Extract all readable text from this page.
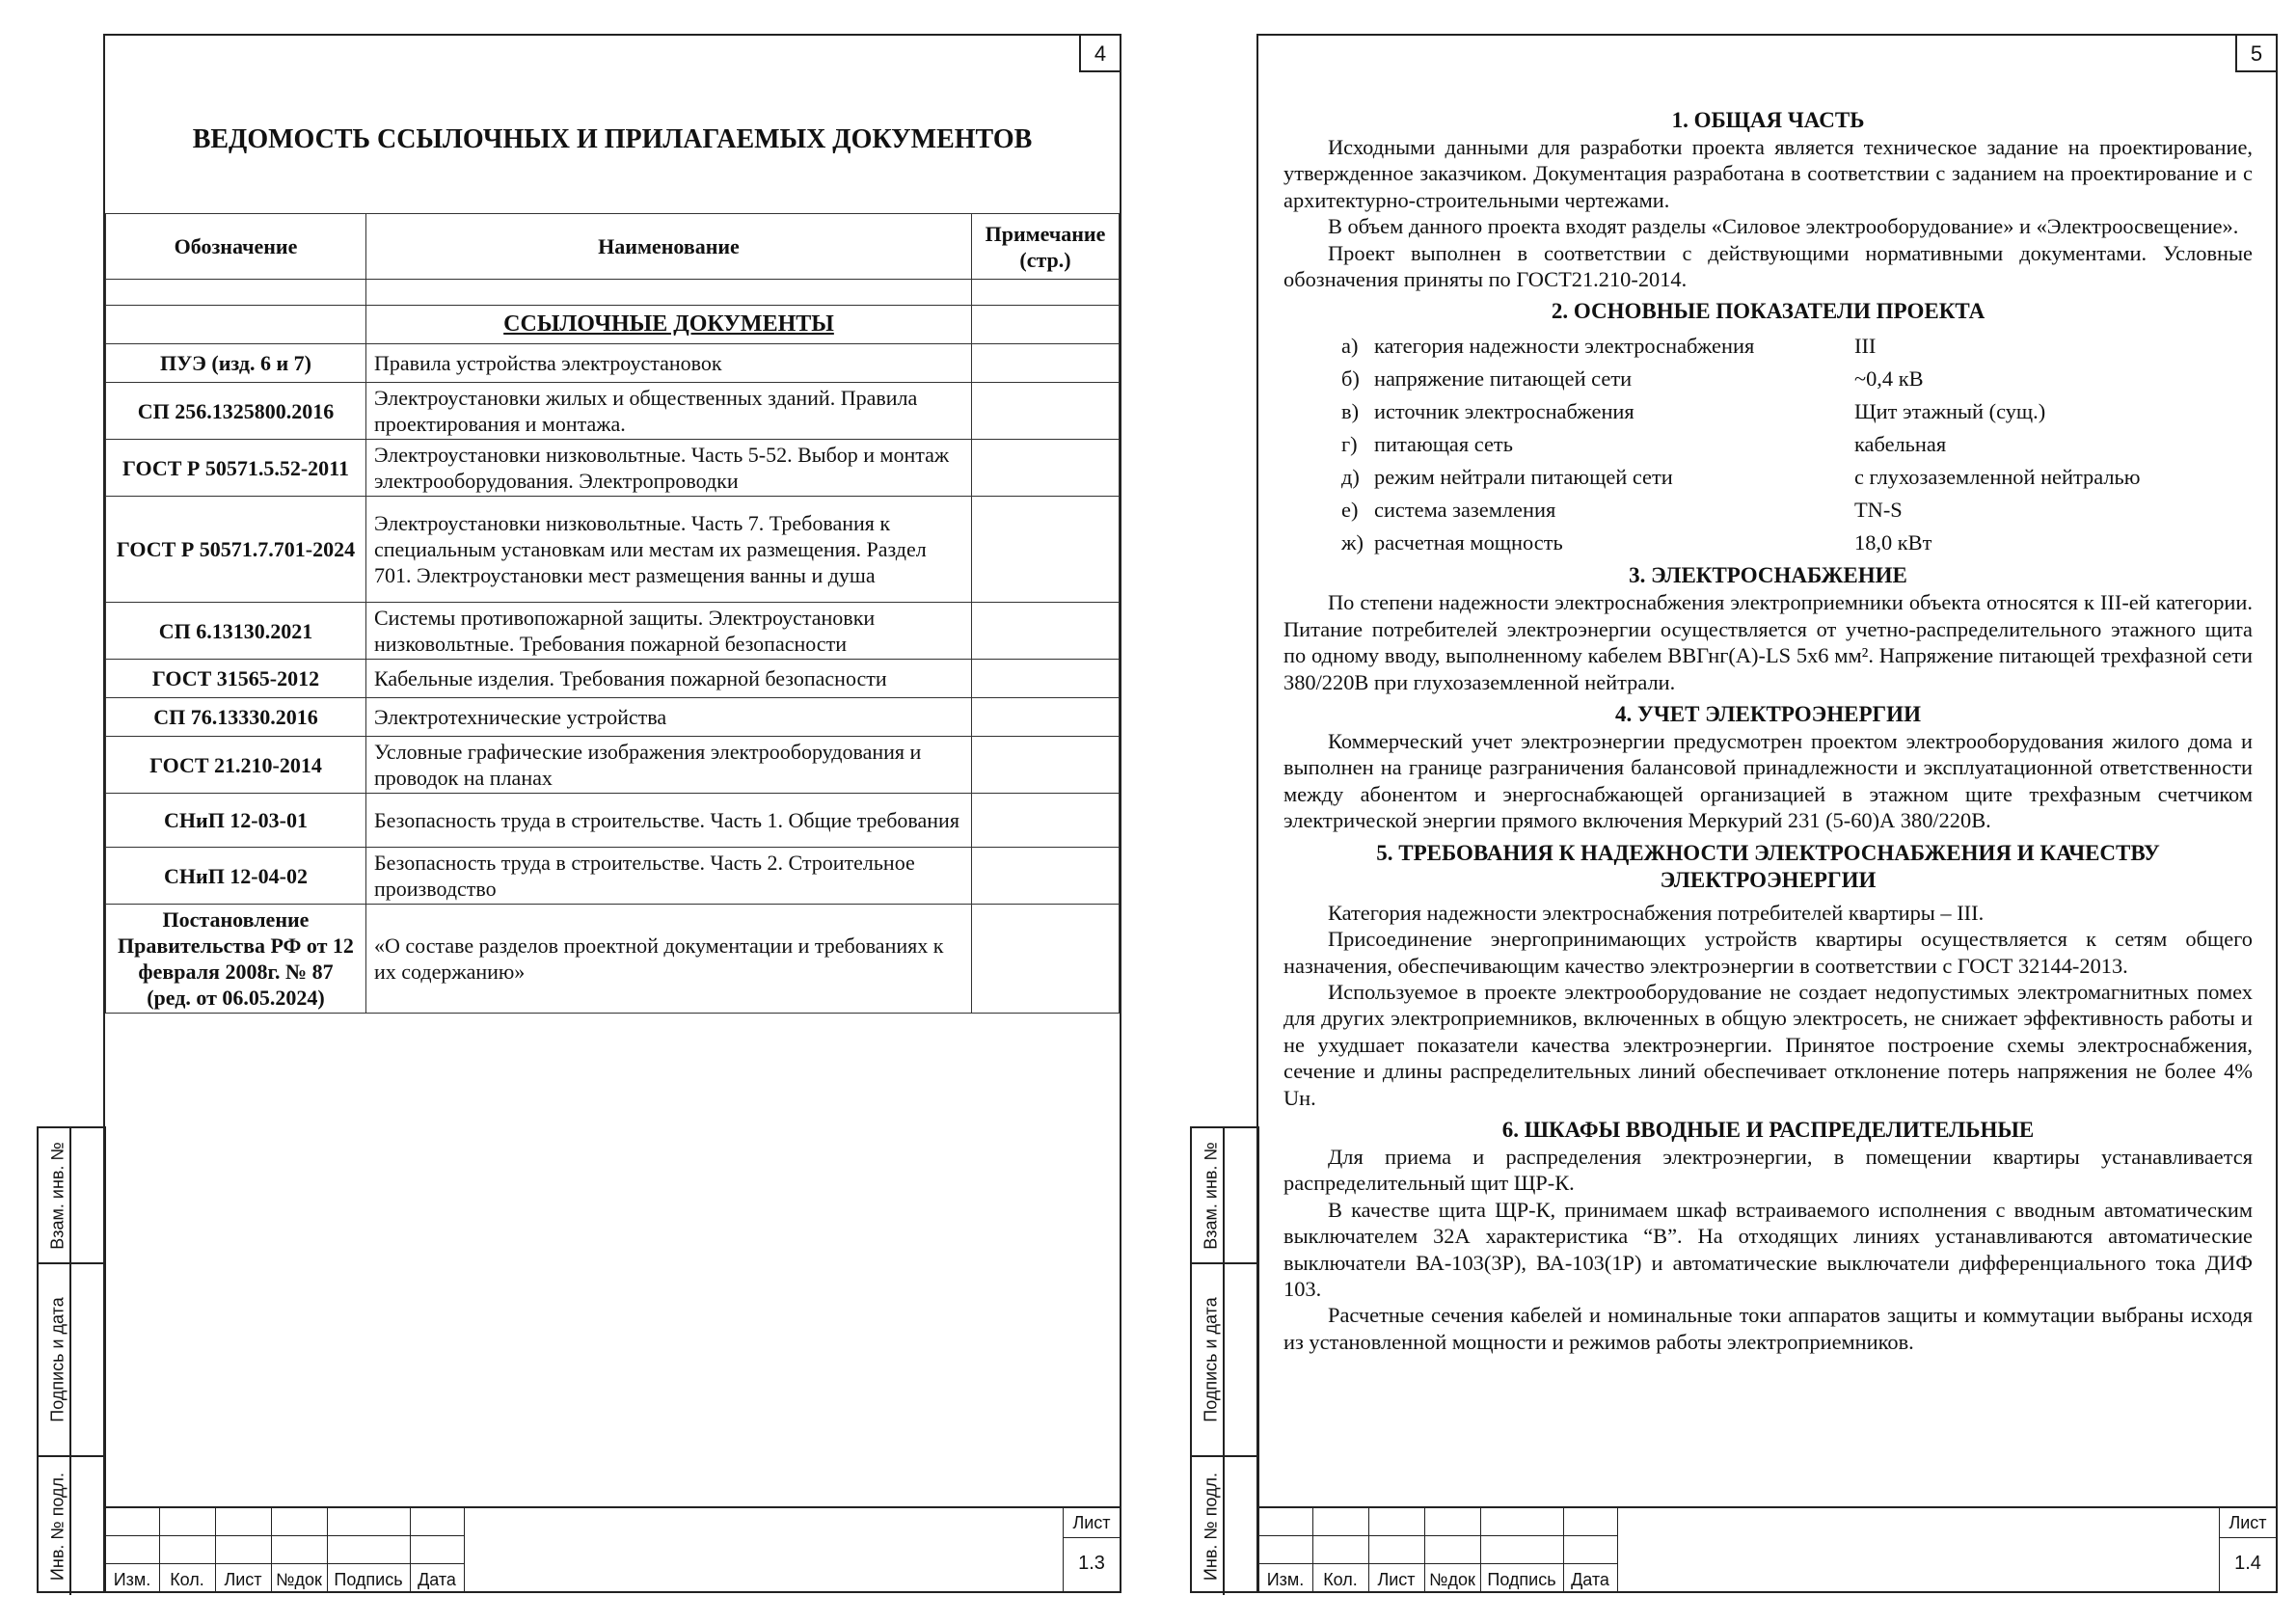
Взам. инв. №
Подпись и дата
Инв. № подл.
4
ВЕДОМОСТЬ ССЫЛОЧНЫХ И ПРИЛАГАЕМЫХ ДОКУМЕНТОВ
Обозначение	Наименование	Примечание (стр.)

	ССЫЛОЧНЫЕ ДОКУМЕНТЫ	
ПУЭ (изд. 6 и 7)	Правила устройства электроустановок	
СП 256.1325800.2016	Электроустановки жилых и общественных зданий. Правила проектирования и монтажа.	
ГОСТ Р 50571.5.52-2011	Электроустановки низковольтные. Часть 5-52. Выбор и монтаж электрооборудования. Электропроводки	
ГОСТ Р 50571.7.701-2024	Электроустановки низковольтные. Часть 7. Требования к специальным установкам или местам их размещения. Раздел 701. Электроустановки мест размещения ванны и душа	
СП 6.13130.2021	Системы противопожарной защиты. Электроустановки низковольтные. Требования пожарной безопасности	
ГОСТ 31565-2012	Кабельные изделия. Требования пожарной безопасности	
СП 76.13330.2016	Электротехнические устройства	
ГОСТ 21.210-2014	Условные графические изображения электрооборудования и проводок на планах	
СНиП 12-03-01	Безопасность труда в строительстве. Часть 1. Общие требования	
СНиП 12-04-02	Безопасность труда в строительстве. Часть 2. Строительное производство	
Постановление Правительства РФ от 12 февраля 2008г. № 87 (ред. от 06.05.2024)	«О составе разделов проектной документации и требованиях к их содержанию»	
Изм.	Кол.	Лист №док Подпись Дата
Лист
1.3
Взам. инв. №
Подпись и дата
Инв. № подл.
5
1. ОБЩАЯ ЧАСТЬ

Исходными данными для разработки проекта является техническое задание на проектирование, утвержденное заказчиком. Документация разработана в соответствии с заданием на проектирование и с архитектурно-строительными чертежами.

В объем данного проекта входят разделы «Силовое электрооборудование» и «Электроосвещение».

Проект выполнен в соответствии с действующими нормативными документами. Условные обозначения приняты по ГОСТ21.210-2014.

2. ОСНОВНЫЕ ПОКАЗАТЕЛИ ПРОЕКТА
а) категория надежности электроснабжения	III
б) напряжение питающей сети	~0,4 кВ
в) источник электроснабжения	Щит этажный (сущ.)
г) питающая сеть	кабельная
д) режим нейтрали питающей сети	с глухозаземленной нейтралью
е) система заземления	TN-S
ж) расчетная мощность	18,0 кВт
3. ЭЛЕКТРОСНАБЖЕНИЕ

По степени надежности электроснабжения электроприемники объекта относятся к III-ей категории. Питание потребителей электроэнергии осуществляется от учетно-распределительного этажного щита по одному вводу, выполненному кабелем ВВГнг(А)-LS 5х6 мм². Напряжение питающей трехфазной сети 380/220В при глухозаземленной нейтрали.

4. УЧЕТ ЭЛЕКТРОЭНЕРГИИ

Коммерческий учет электроэнергии предусмотрен проектом электрооборудования жилого дома и выполнен на границе разграничения балансовой принадлежности и эксплуатационной ответственности между абонентом и энергоснабжающей организацией в этажном щите трехфазным счетчиком электрической энергии прямого включения Меркурий 231 (5-60)А 380/220В.

5. ТРЕБОВАНИЯ К НАДЕЖНОСТИ ЭЛЕКТРОСНАБЖЕНИЯ И КАЧЕСТВУ ЭЛЕКТРОЭНЕРГИИ

Категория надежности электроснабжения потребителей квартиры – III.

Присоединение энергопринимающих устройств квартиры осуществляется к сетям общего назначения, обеспечивающим качество электроэнергии в соответствии с ГОСТ 32144-2013.

Используемое в проекте электрооборудование не создает недопустимых электромагнитных помех для других электроприемников, включенных в общую электросеть, не снижает эффективность работы и не ухудшает показатели качества электроэнергии. Принятое построение схемы электроснабжения, сечение и длины распределительных линий обеспечивает отклонение потерь напряжения не более 4% Uн.

6. ШКАФЫ ВВОДНЫЕ И РАСПРЕДЕЛИТЕЛЬНЫЕ

Для приема и распределения электроэнергии, в помещении квартиры устанавливается распределительный щит ЩР-К.

В качестве щита ЩР-К, принимаем шкаф встраиваемого исполнения с вводным автоматическим выключателем 32А характеристика “В”. На отходящих линиях устанавливаются автоматические выключатели ВА-103(3Р), ВА-103(1Р) и автоматические выключатели дифференциального тока ДИФ 103.

Расчетные сечения кабелей и номинальные токи аппаратов защиты и коммутации выбраны исходя из установленной мощности и режимов работы электроприемников.

Изм.	Кол.	Лист №док Подпись Дата
Лист
1.4
